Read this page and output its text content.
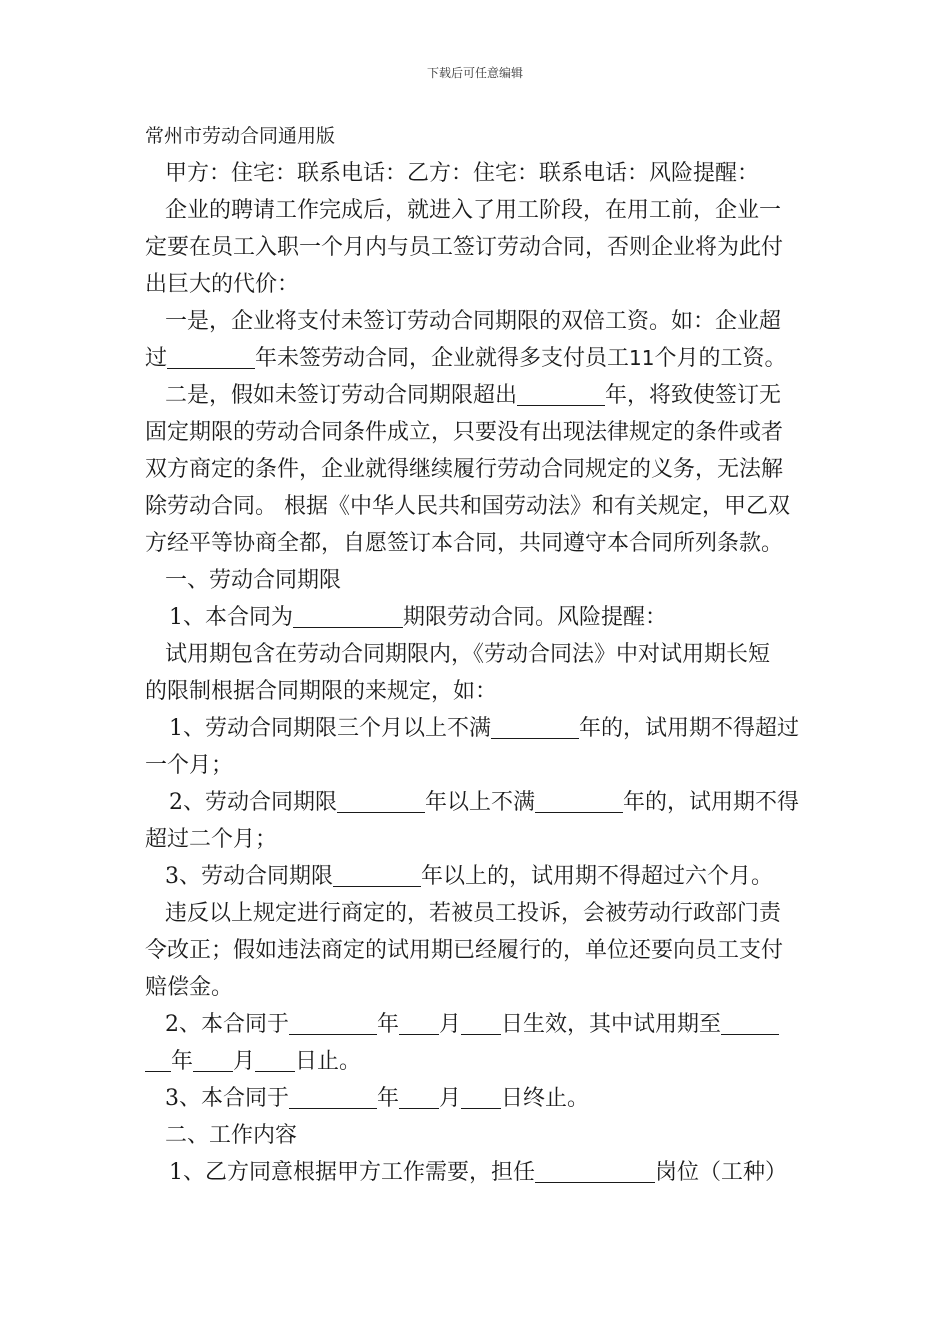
下载后可任意编辑
常州市劳动合同通用版
甲方：住宅：联系电话：乙方：住宅：联系电话：风险提醒：
企业的聘请工作完成后，就进入了用工阶段，在用工前，企业一
定要在员工入职一个月内与员工签订劳动合同，否则企业将为此付
出巨大的代价：
一是，企业将支付未签订劳动合同期限的双倍工资。如：企业超
过	年未签劳动合同，企业就得多支付员工11个月的工资。
二是，假如未签订劳动合同期限超出	年，将致使签订无
固定期限的劳动合同条件成立，只要没有出现法律规定的条件或者
双方商定的条件，企业就得继续履行劳动合同规定的义务，无法解
除劳动合同。 根据《中华人民共和国劳动法》和有关规定，甲乙双
方经平等协商全都，自愿签订本合同，共同遵守本合同所列条款。
一、劳动合同期限
1、本合同为	期限劳动合同。风险提醒：
试用期包含在劳动合同期限内，《劳动合同法》中对试用期长短
的限制根据合同期限的来规定，如：
1、劳动合同期限三个月以上不满	年的，试用期不得超过
一个月；
2、劳动合同期限	年以上不满	年的，试用期不得
超过二个月；
3、劳动合同期限	年以上的，试用期不得超过六个月。
违反以上规定进行商定的，若被员工投诉，会被劳动行政部门责
令改正；假如违法商定的试用期已经履行的，单位还要向员工支付
赔偿金。
2、本合同于	年 月 日生效，其中试用期至
年 月 日止。
3、本合同于	年 月 日终止。
二、工作内容
1、乙方同意根据甲方工作需要，担任	岗位（工种）
